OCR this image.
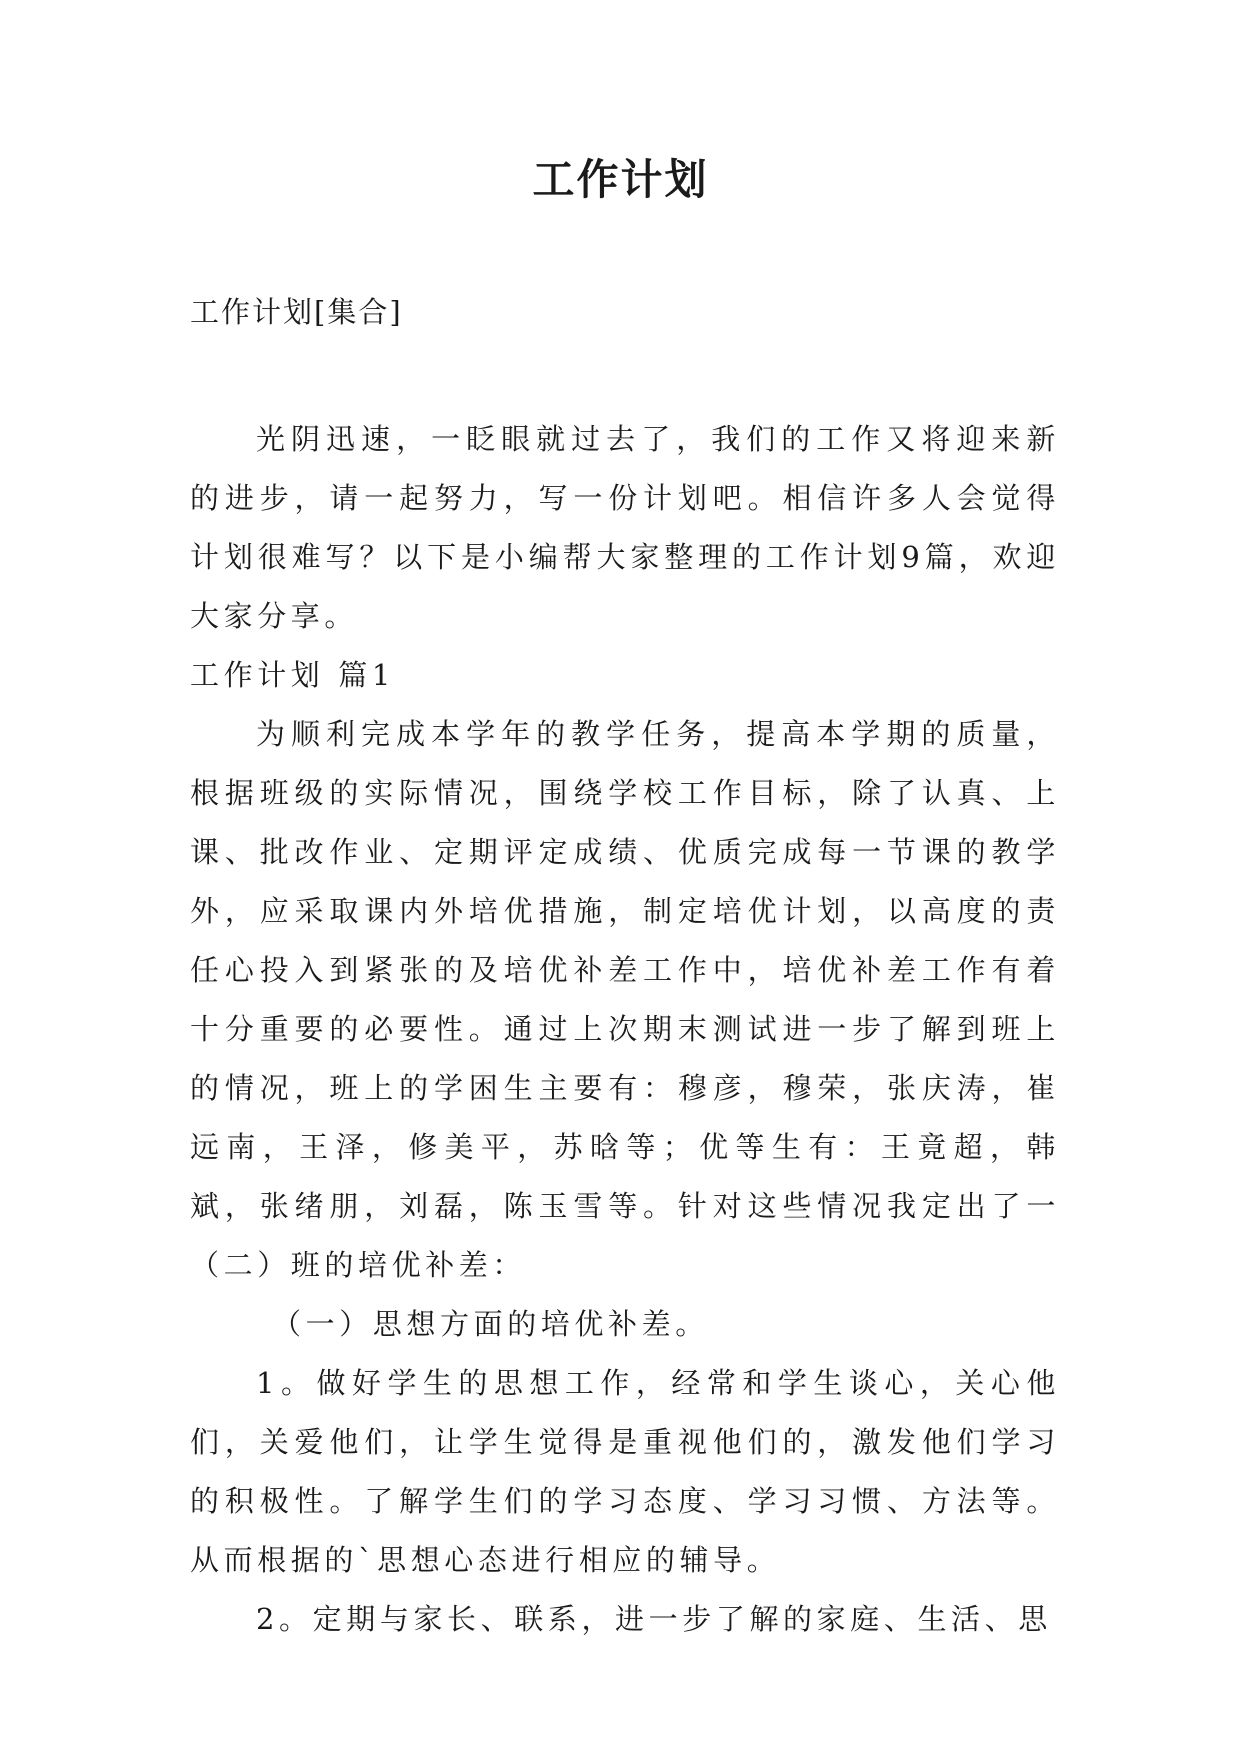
工作计划
工作计划[集合]

光阴迅速，一眨眼就过去了，我们的工作又将迎来新的进步，请一起努力，写一份计划吧。相信许多人会觉得计划很难写？以下是小编帮大家整理的工作计划9篇，欢迎大家分享。

工作计划 篇1

为顺利完成本学年的教学任务，提高本学期的质量，根据班级的实际情况，围绕学校工作目标，除了认真、上课、批改作业、定期评定成绩、优质完成每一节课的教学外，应采取课内外培优措施，制定培优计划，以高度的责任心投入到紧张的及培优补差工作中，培优补差工作有着十分重要的必要性。通过上次期末测试进一步了解到班上的情况，班上的学困生主要有：穆彦，穆荣，张庆涛，崔远南，王泽，修美平，苏晗等；优等生有：王竟超，韩斌，张绪朋，刘磊，陈玉雪等。针对这些情况我定出了一（二）班的培优补差：

（一）思想方面的培优补差。

1。做好学生的思想工作，经常和学生谈心，关心他们，关爱他们，让学生觉得是重视他们的，激发他们学习的积极性。了解学生们的学习态度、学习习惯、方法等。从而根据的`思想心态进行相应的辅导。

2。定期与家长、联系，进一步了解的家庭、生活、思
